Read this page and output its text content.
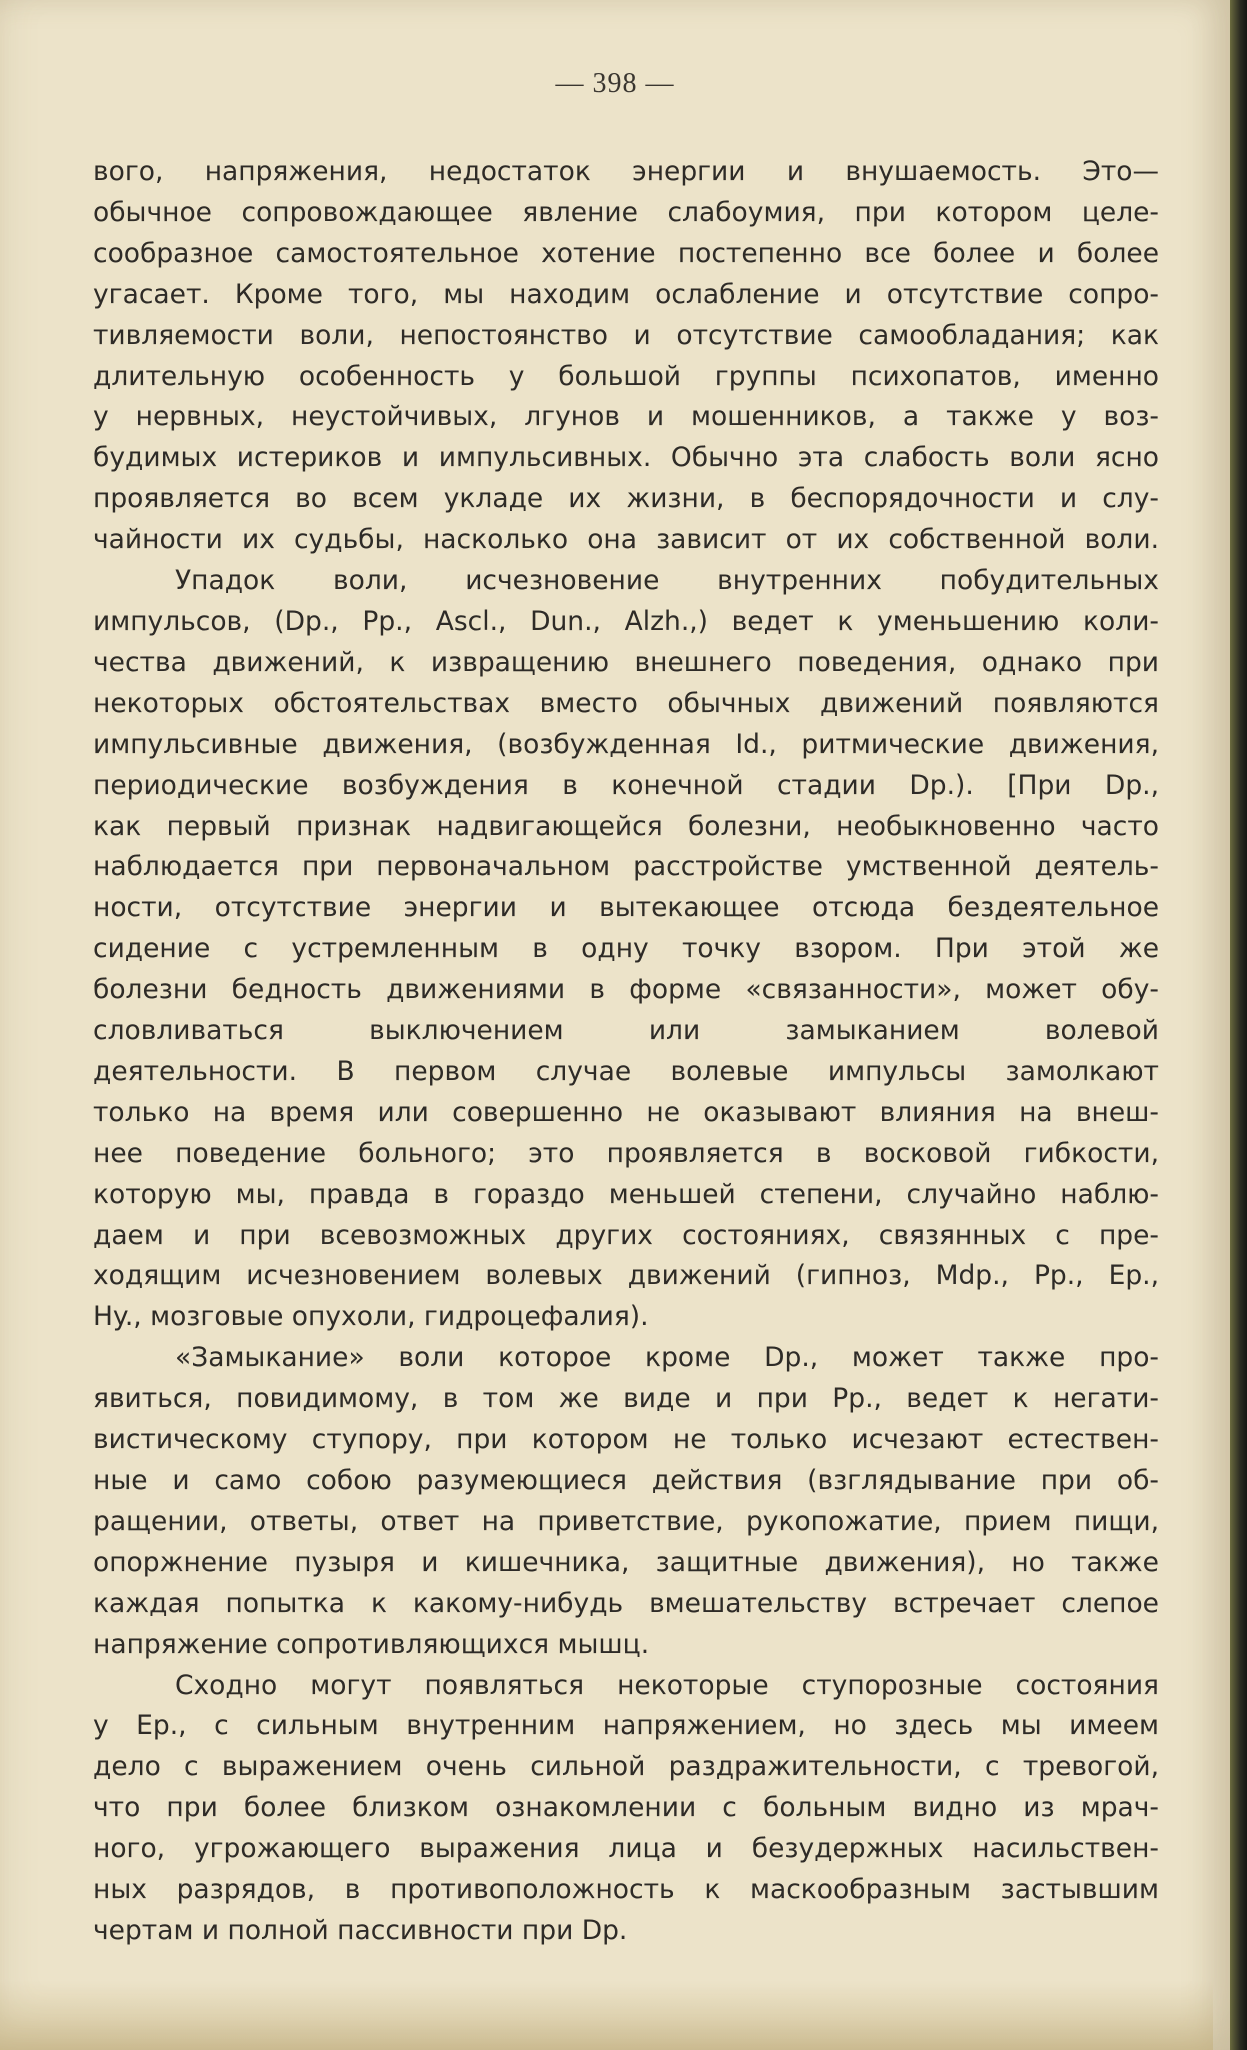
— 398 —

вого, напряжения, недостаток энергии и внушаемость. Это—
обычное сопровождающее явление слабоумия, при котором целе-
сообразное самостоятельное хотение постепенно все более и более
угасает. Кроме того, мы находим ослабление и отсутствие сопро-
тивляемости воли, непостоянство и отсутствие самообладания; как
длительную особенность у большой группы психопатов, именно
у нервных, неустойчивых, лгунов и мошенников, а также у воз-
будимых истериков и импульсивных. Обычно эта слабость воли ясно
проявляется во всем укладе их жизни, в беспорядочности и слу-
чайности их судьбы, насколько она зависит от их собственной воли.

Упадок воли, исчезновение внутренних побудительных
импульсов, (Dp., Pp., Ascl., Dun., Alzh.,) ведет к уменьшению коли-
чества движений, к извращению внешнего поведения, однако при
некоторых обстоятельствах вместо обычных движений появляются
импульсивные движения, (возбужденная Id., ритмические движения,
периодические возбуждения в конечной стадии Dp.). [При Dp.,
как первый признак надвигающейся болезни, необыкновенно часто
наблюдается при первоначальном расстройстве умственной деятель-
ности, отсутствие энергии и вытекающее отсюда бездеятельное
сидение с устремленным в одну точку взором. При этой же
болезни бедность движениями в форме «связанности», может обу-
словливаться выключением или замыканием волевой
деятельности. В первом случае волевые импульсы замолкают
только на время или совершенно не оказывают влияния на внеш-
нее поведение больного; это проявляется в восковой гибкости,
которую мы, правда в гораздо меньшей степени, случайно наблю-
даем и при всевозможных других состояниях, связянных с пре-
ходящим исчезновением волевых движений (гипноз, Mdp., Pp., Ep.,
Hy., мозговые опухоли, гидроцефалия).

«Замыкание» воли которое кроме Dp., может также про-
явиться, повидимому, в том же виде и при Pp., ведет к негати-
вистическому ступору, при котором не только исчезают естествен-
ные и само собою разумеющиеся действия (взглядывание при об-
ращении, ответы, ответ на приветствие, рукопожатие, прием пищи,
опоржнение пузыря и кишечника, защитные движения), но также
каждая попытка к какому-нибудь вмешательству встречает слепое
напряжение сопротивляющихся мышц.

Сходно могут появляться некоторые ступорозные состояния
у Ep., с сильным внутренним напряжением, но здесь мы имеем
дело с выражением очень сильной раздражительности, с тревогой,
что при более близком ознакомлении с больным видно из мрач-
ного, угрожающего выражения лица и безудержных насильствен-
ных разрядов, в противоположность к маскообразным застывшим
чертам и полной пассивности при Dp.
